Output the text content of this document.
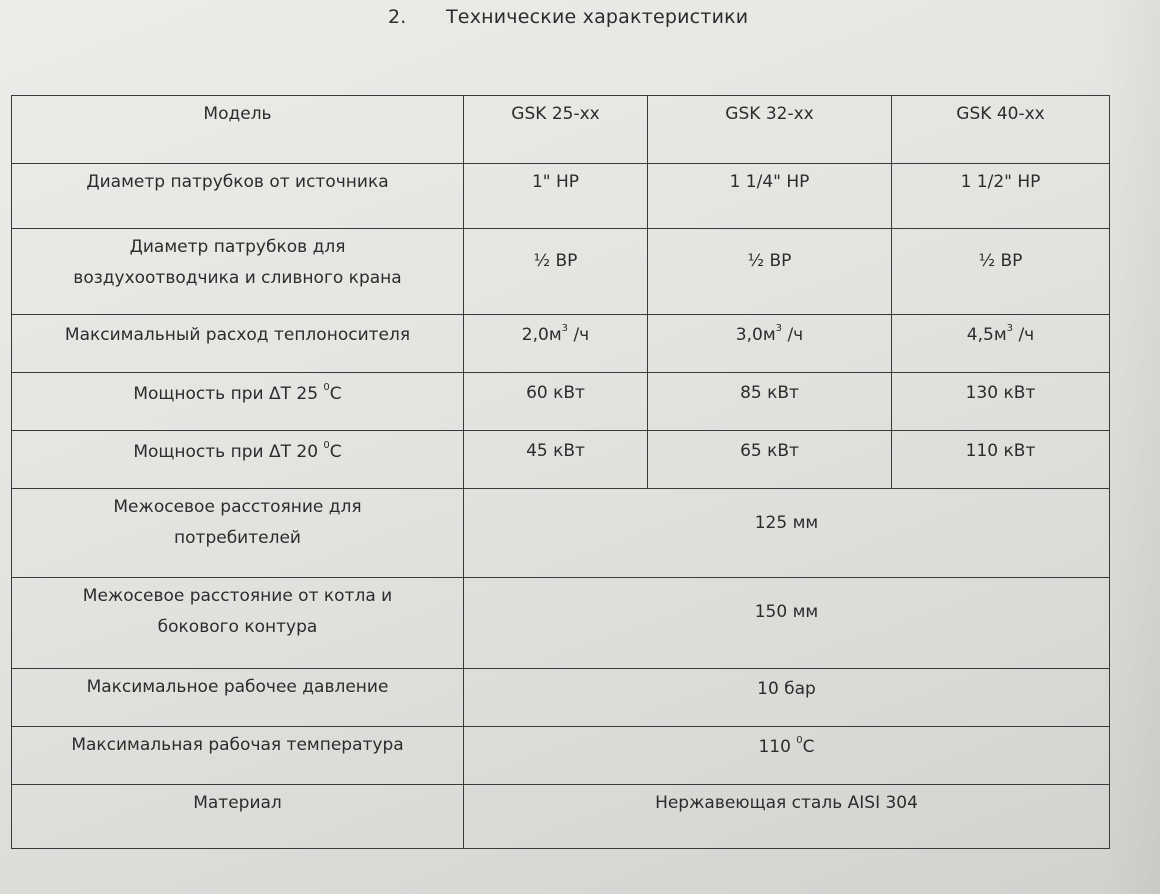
2.	Технические характеристики
Модель	GSK 25-xx	GSK 32-xx	GSK 40-xx
Диаметр патрубков от источника	1" НР	1 1/4" НР	1 1/2" НР

Диаметр патрубков для
воздухоотводчика и сливного крана	½ ВР	½ ВР	½ ВР
Максимальный расход теплоносителя	$2,0м^3$ /ч	$3,0м^3$ /ч	$4,5м^3$ /ч
Мощность при ΔТ 25 $^0$С	60 кВт	85 кВт	130 кВт
Мощность при ΔТ 20 $^0$С	45 кВт	65 кВт	110 кВт

Межосевое расстояние для
потребителей	125 мм		

Межосевое расстояние от котла и
бокового контура	150 мм		
Максимальное рабочее давление	10 бар		
Максимальная рабочая температура	110 $^0$С		
Материал	Нержавеющая сталь AISI 304		
